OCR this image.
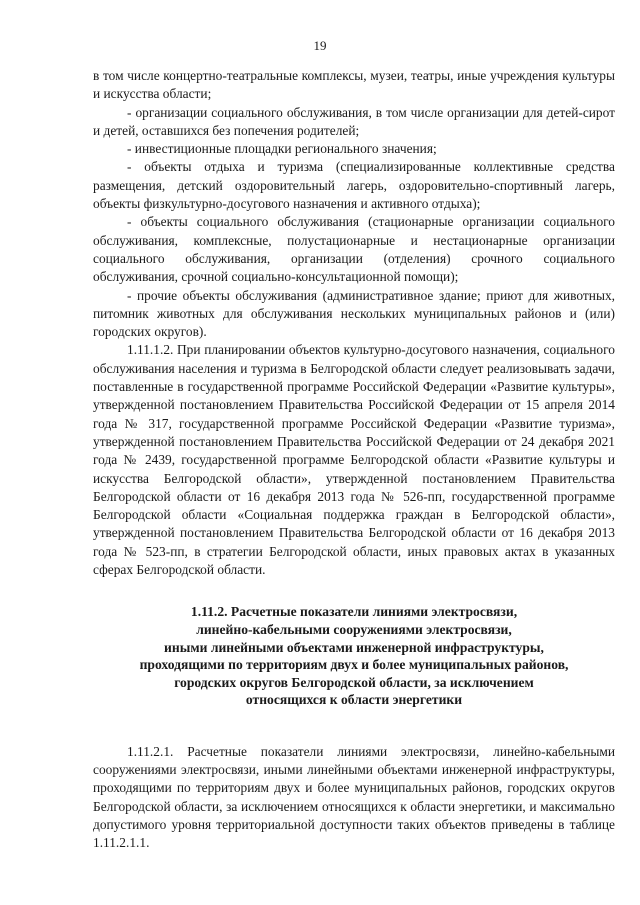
19

в том числе концертно-театральные комплексы, музеи, театры, иные учреждения культуры и искусства области;

- организации социального обслуживания, в том числе организации для детей-сирот и детей, оставшихся без попечения родителей;

- инвестиционные площадки регионального значения;

- объекты отдыха и туризма (специализированные коллективные средства размещения, детский оздоровительный лагерь, оздоровительно-спортивный лагерь, объекты физкультурно-досугового назначения и активного отдыха);

- объекты социального обслуживания (стационарные организации социального обслуживания, комплексные, полустационарные и нестационарные организации социального обслуживания, организации (отделения) срочного социального обслуживания, срочной социально-консультационной помощи);

- прочие объекты обслуживания (административное здание; приют для животных, питомник животных для обслуживания нескольких муниципальных районов и (или) городских округов).

1.11.1.2. При планировании объектов культурно-досугового назначения, социального обслуживания населения и туризма в Белгородской области следует реализовывать задачи, поставленные в государственной программе Российской Федерации «Развитие культуры», утвержденной постановлением Правительства Российской Федерации от 15 апреля 2014 года № 317, государственной программе Российской Федерации «Развитие туризма», утвержденной постановлением Правительства Российской Федерации от 24 декабря 2021 года № 2439, государственной программе Белгородской области «Развитие культуры и искусства Белгородской области», утвержденной постановлением Правительства Белгородской области от 16 декабря 2013 года № 526-пп, государственной программе Белгородской области «Социальная поддержка граждан в Белгородской области», утвержденной постановлением Правительства Белгородской области от 16 декабря 2013 года № 523-пп, в стратегии Белгородской области, иных правовых актах в указанных сферах Белгородской области.

1.11.2. Расчетные показатели линиями электросвязи,
линейно-кабельными сооружениями электросвязи,
иными линейными объектами инженерной инфраструктуры,
проходящими по территориям двух и более муниципальных районов,
городских округов Белгородской области, за исключением
относящихся к области энергетики

1.11.2.1. Расчетные показатели линиями электросвязи, линейно-кабельными сооружениями электросвязи, иными линейными объектами инженерной инфраструктуры, проходящими по территориям двух и более муниципальных районов, городских округов Белгородской области, за исключением относящихся к области энергетики, и максимально допустимого уровня территориальной доступности таких объектов приведены в таблице 1.11.2.1.1.
